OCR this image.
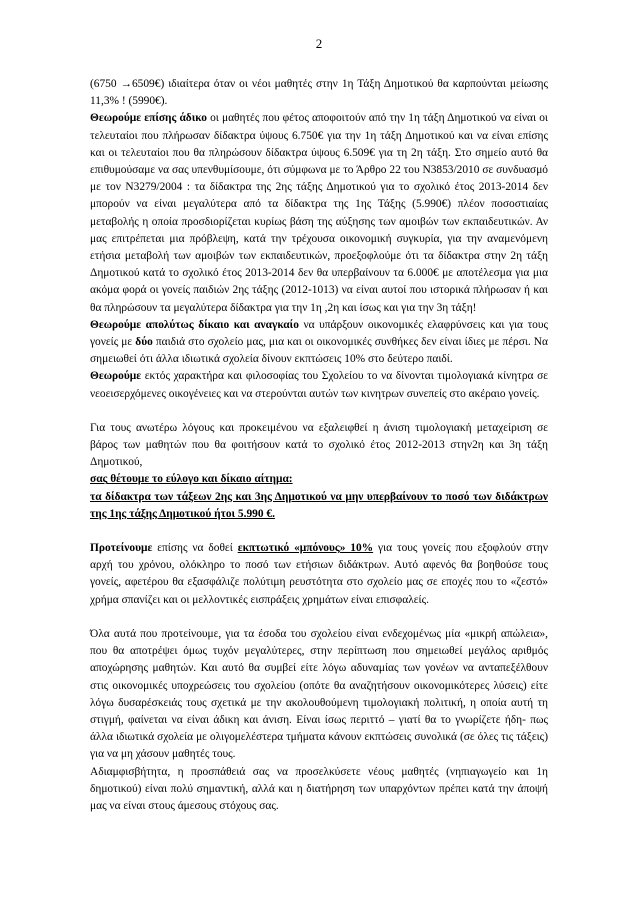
2

(6750 →6509€) ιδιαίτερα όταν οι νέοι μαθητές στην 1η Τάξη Δημοτικού θα καρπούνται μείωσης 11,3% ! (5990€).

Θεωρούμε επίσης άδικο οι μαθητές που φέτος αποφοιτούν από την 1η τάξη Δημοτικού να είναι οι τελευταίοι που πλήρωσαν δίδακτρα ύψους 6.750€ για την 1η τάξη Δημοτικού και να είναι επίσης και οι τελευταίοι που θα πληρώσουν δίδακτρα ύψους 6.509€ για τη 2η τάξη. Στο σημείο αυτό θα επιθυμούσαμε να σας υπενθυμίσουμε, ότι σύμφωνα με το Άρθρο 22 του Ν3853/2010 σε συνδυασμό με τον Ν3279/2004 : τα δίδακτρα της 2ης τάξης Δημοτικού για το σχολικό έτος 2013-2014 δεν μπορούν να είναι μεγαλύτερα από τα δίδακτρα της 1ης Τάξης (5.990€) πλέον ποσοστιαίας μεταβολής η οποία προσδιορίζεται κυρίως βάση της αύξησης των αμοιβών των εκπαιδευτικών. Αν μας επιτρέπεται μια πρόβλεψη, κατά την τρέχουσα οικονομική συγκυρία, για την αναμενόμενη ετήσια μεταβολή των αμοιβών των εκπαιδευτικών, προεξοφλούμε ότι τα δίδακτρα στην 2η τάξη Δημοτικού κατά το σχολικό έτος 2013-2014 δεν θα υπερβαίνουν τα 6.000€ με αποτέλεσμα για μια ακόμα φορά οι γονείς παιδιών 2ης τάξης (2012-1013) να είναι αυτοί που ιστορικά πλήρωσαν ή και θα πληρώσουν τα μεγαλύτερα δίδακτρα για την 1η ,2η και ίσως και για την 3η τάξη!

Θεωρούμε απολύτως δίκαιο και αναγκαίο να υπάρξουν οικονομικές ελαφρύνσεις και για τους γονείς με δύο παιδιά στο σχολείο μας, μια και οι οικονομικές συνθήκες δεν είναι ίδιες με πέρσι. Να σημειωθεί ότι άλλα ιδιωτικά σχολεία δίνουν εκπτώσεις 10% στο δεύτερο παιδί.

Θεωρούμε εκτός χαρακτήρα και φιλοσοφίας του Σχολείου το να δίνονται τιμολογιακά κίνητρα σε νεοεισερχόμενες οικογένειες και να στερούνται αυτών των κινητρων συνεπείς στο ακέραιο γονείς.

Για τους ανωτέρω λόγους και προκειμένου να εξαλειφθεί η άνιση τιμολογιακή μεταχείριση σε βάρος των μαθητών που θα φοιτήσουν κατά το σχολικό έτος 2012-2013 στην2η και 3η τάξη Δημοτικού,

σας θέτουμε το εύλογο και δίκαιο αίτημα:

τα δίδακτρα των τάξεων 2ης και 3ης Δημοτικού να μην υπερβαίνουν το ποσό των διδάκτρων της 1ης τάξης Δημοτικού ήτοι 5.990 €.

Προτείνουμε επίσης να δοθεί εκπτωτικό «μπόνους» 10% για τους γονείς που εξοφλούν στην αρχή του χρόνου, ολόκληρο το ποσό των ετήσιων διδάκτρων. Αυτό αφενός θα βοηθούσε τους γονείς, αφετέρου θα εξασφάλιζε πολύτιμη ρευστότητα στο σχολείο μας σε εποχές που το «ζεστό» χρήμα σπανίζει και οι μελλοντικές εισπράξεις χρημάτων είναι επισφαλείς.

Όλα αυτά που προτείνουμε, για τα έσοδα του σχολείου είναι ενδεχομένως μία «μικρή απώλεια», που θα αποτρέψει όμως τυχόν μεγαλύτερες, στην περίπτωση που σημειωθεί μεγάλος αριθμός αποχώρησης μαθητών. Και αυτό θα συμβεί είτε λόγω αδυναμίας των γονέων να ανταπεξέλθουν στις οικονομικές υποχρεώσεις του σχολείου (οπότε θα αναζητήσουν οικονομικότερες λύσεις) είτε λόγω δυσαρέσκειάς τους σχετικά με την ακολουθούμενη τιμολογιακή πολιτική, η οποία αυτή τη στιγμή, φαίνεται να είναι άδικη και άνιση. Είναι ίσως περιττό – γιατί θα το γνωρίζετε ήδη- πως άλλα ιδιωτικά σχολεία με ολιγομελέστερα τμήματα κάνουν εκπτώσεις συνολικά (σε όλες τις τάξεις) για να μη χάσουν μαθητές τους.

Αδιαμφισβήτητα, η προσπάθειά σας να προσελκύσετε νέους μαθητές (νηπιαγωγείο και 1η δημοτικού) είναι πολύ σημαντική, αλλά και η διατήρηση των υπαρχόντων πρέπει κατά την άποψή μας να είναι στους άμεσους στόχους σας.
